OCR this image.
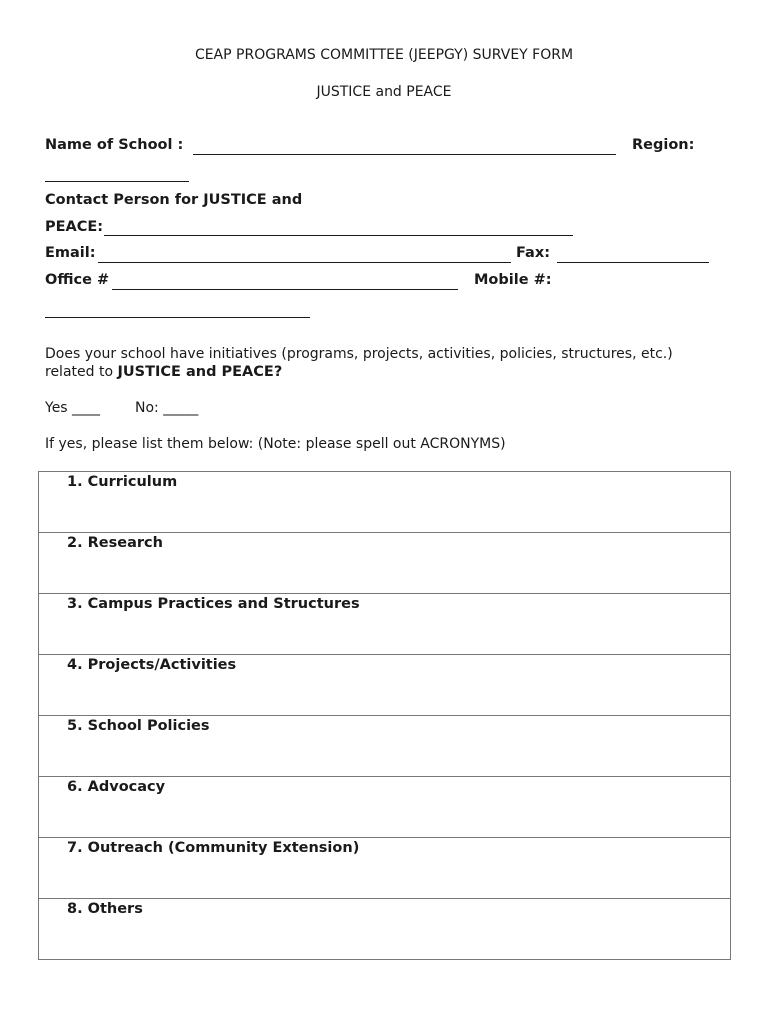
CEAP PROGRAMS COMMITTEE (JEEPGY) SURVEY FORM
JUSTICE and PEACE
Name of School :	Region:
Contact Person for JUSTICE and
PEACE:
Email:	Fax:
Office #	Mobile #:
Does your school have initiatives (programs, projects, activities, policies, structures, etc.)
related to JUSTICE and PEACE?
Yes ____ No: _____
If yes, please list them below: (Note: please spell out ACRONYMS)
1. Curriculum

2. Research

3. Campus Practices and Structures

4. Projects/Activities

5. School Policies

6. Advocacy

7. Outreach (Community Extension)

8. Others
